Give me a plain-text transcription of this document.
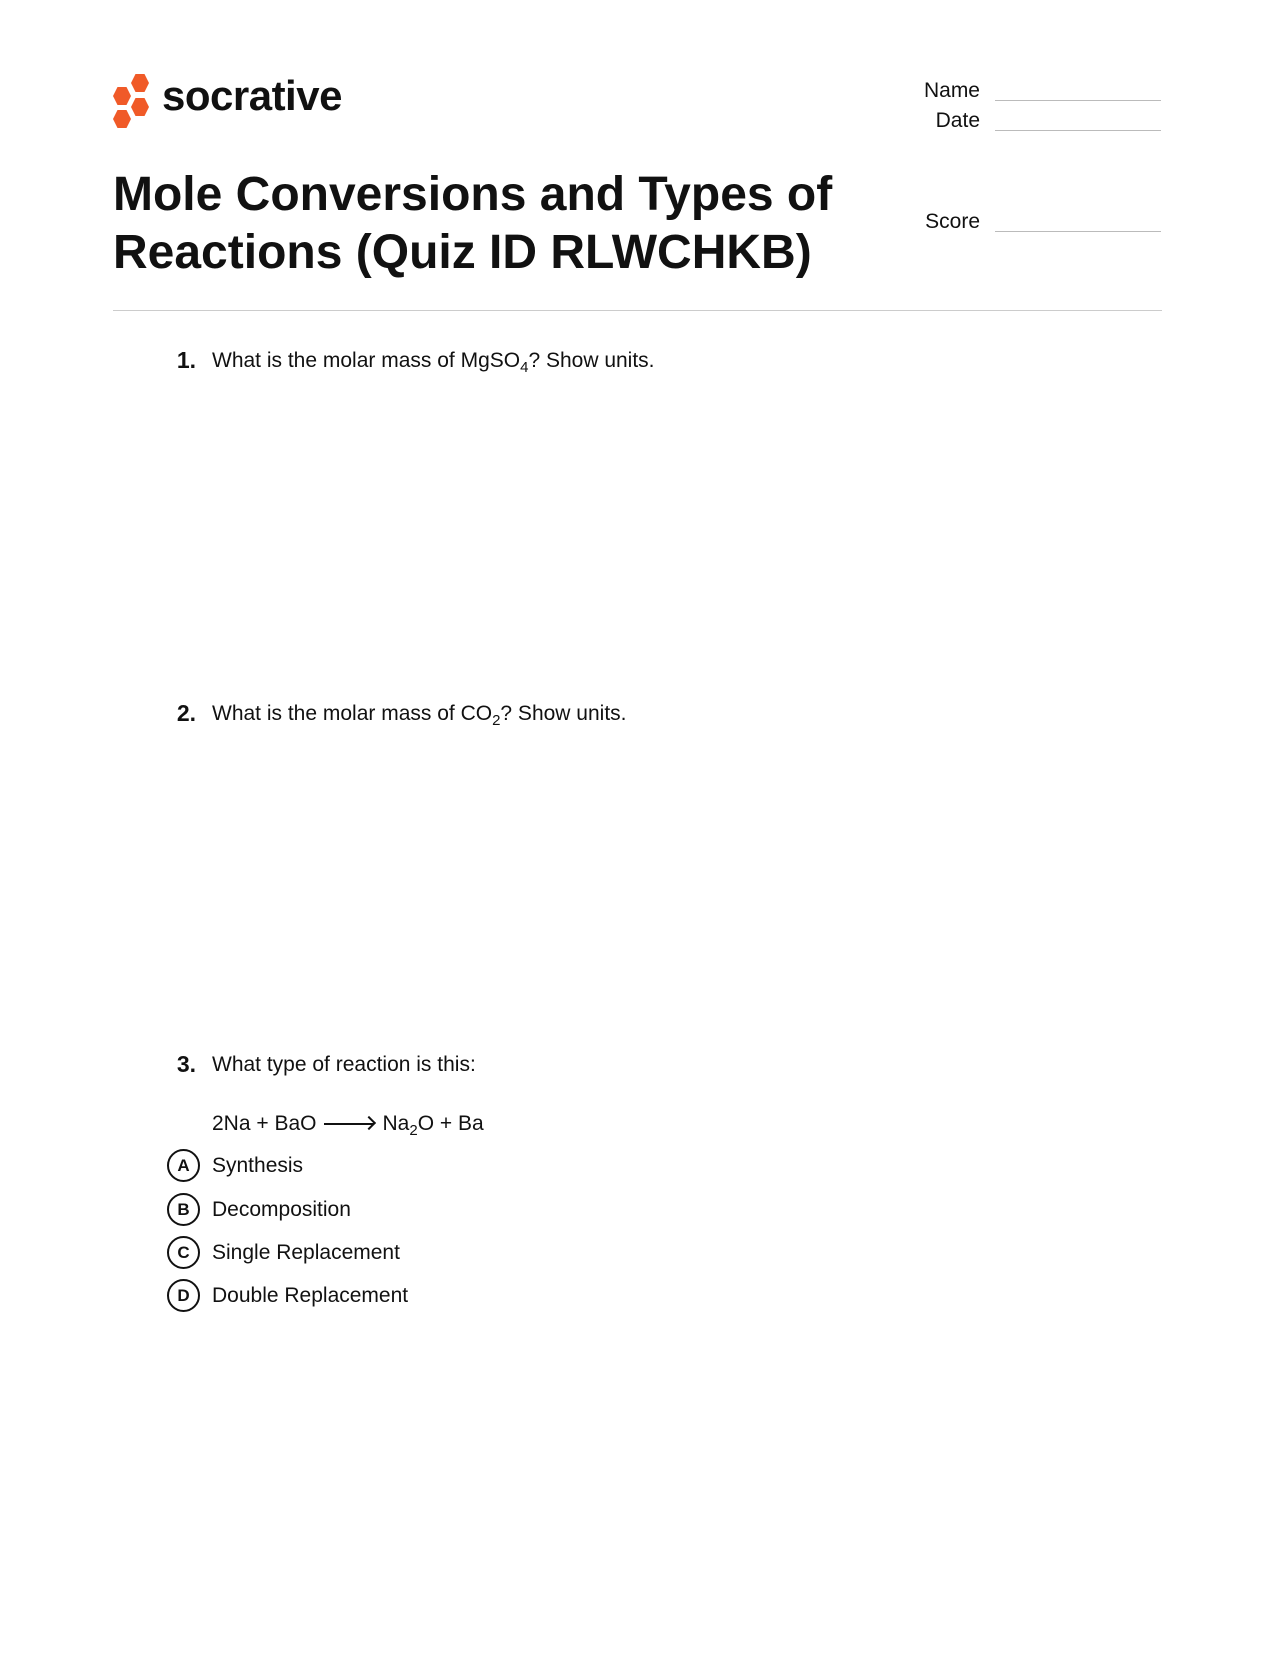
socrative	Name
Date
Score
Mole Conversions and Types of Reactions (Quiz ID RLWCHKB)
1. What is the molar mass of MgSO$_4$? Show units.
2. What is the molar mass of $CO_2$? Show units.
3. What type of reaction is this:
2Na + BaO	$Na_2O + Ba$
A	Synthesis
B	Decomposition
C	Single Replacement
D	Double Replacement
